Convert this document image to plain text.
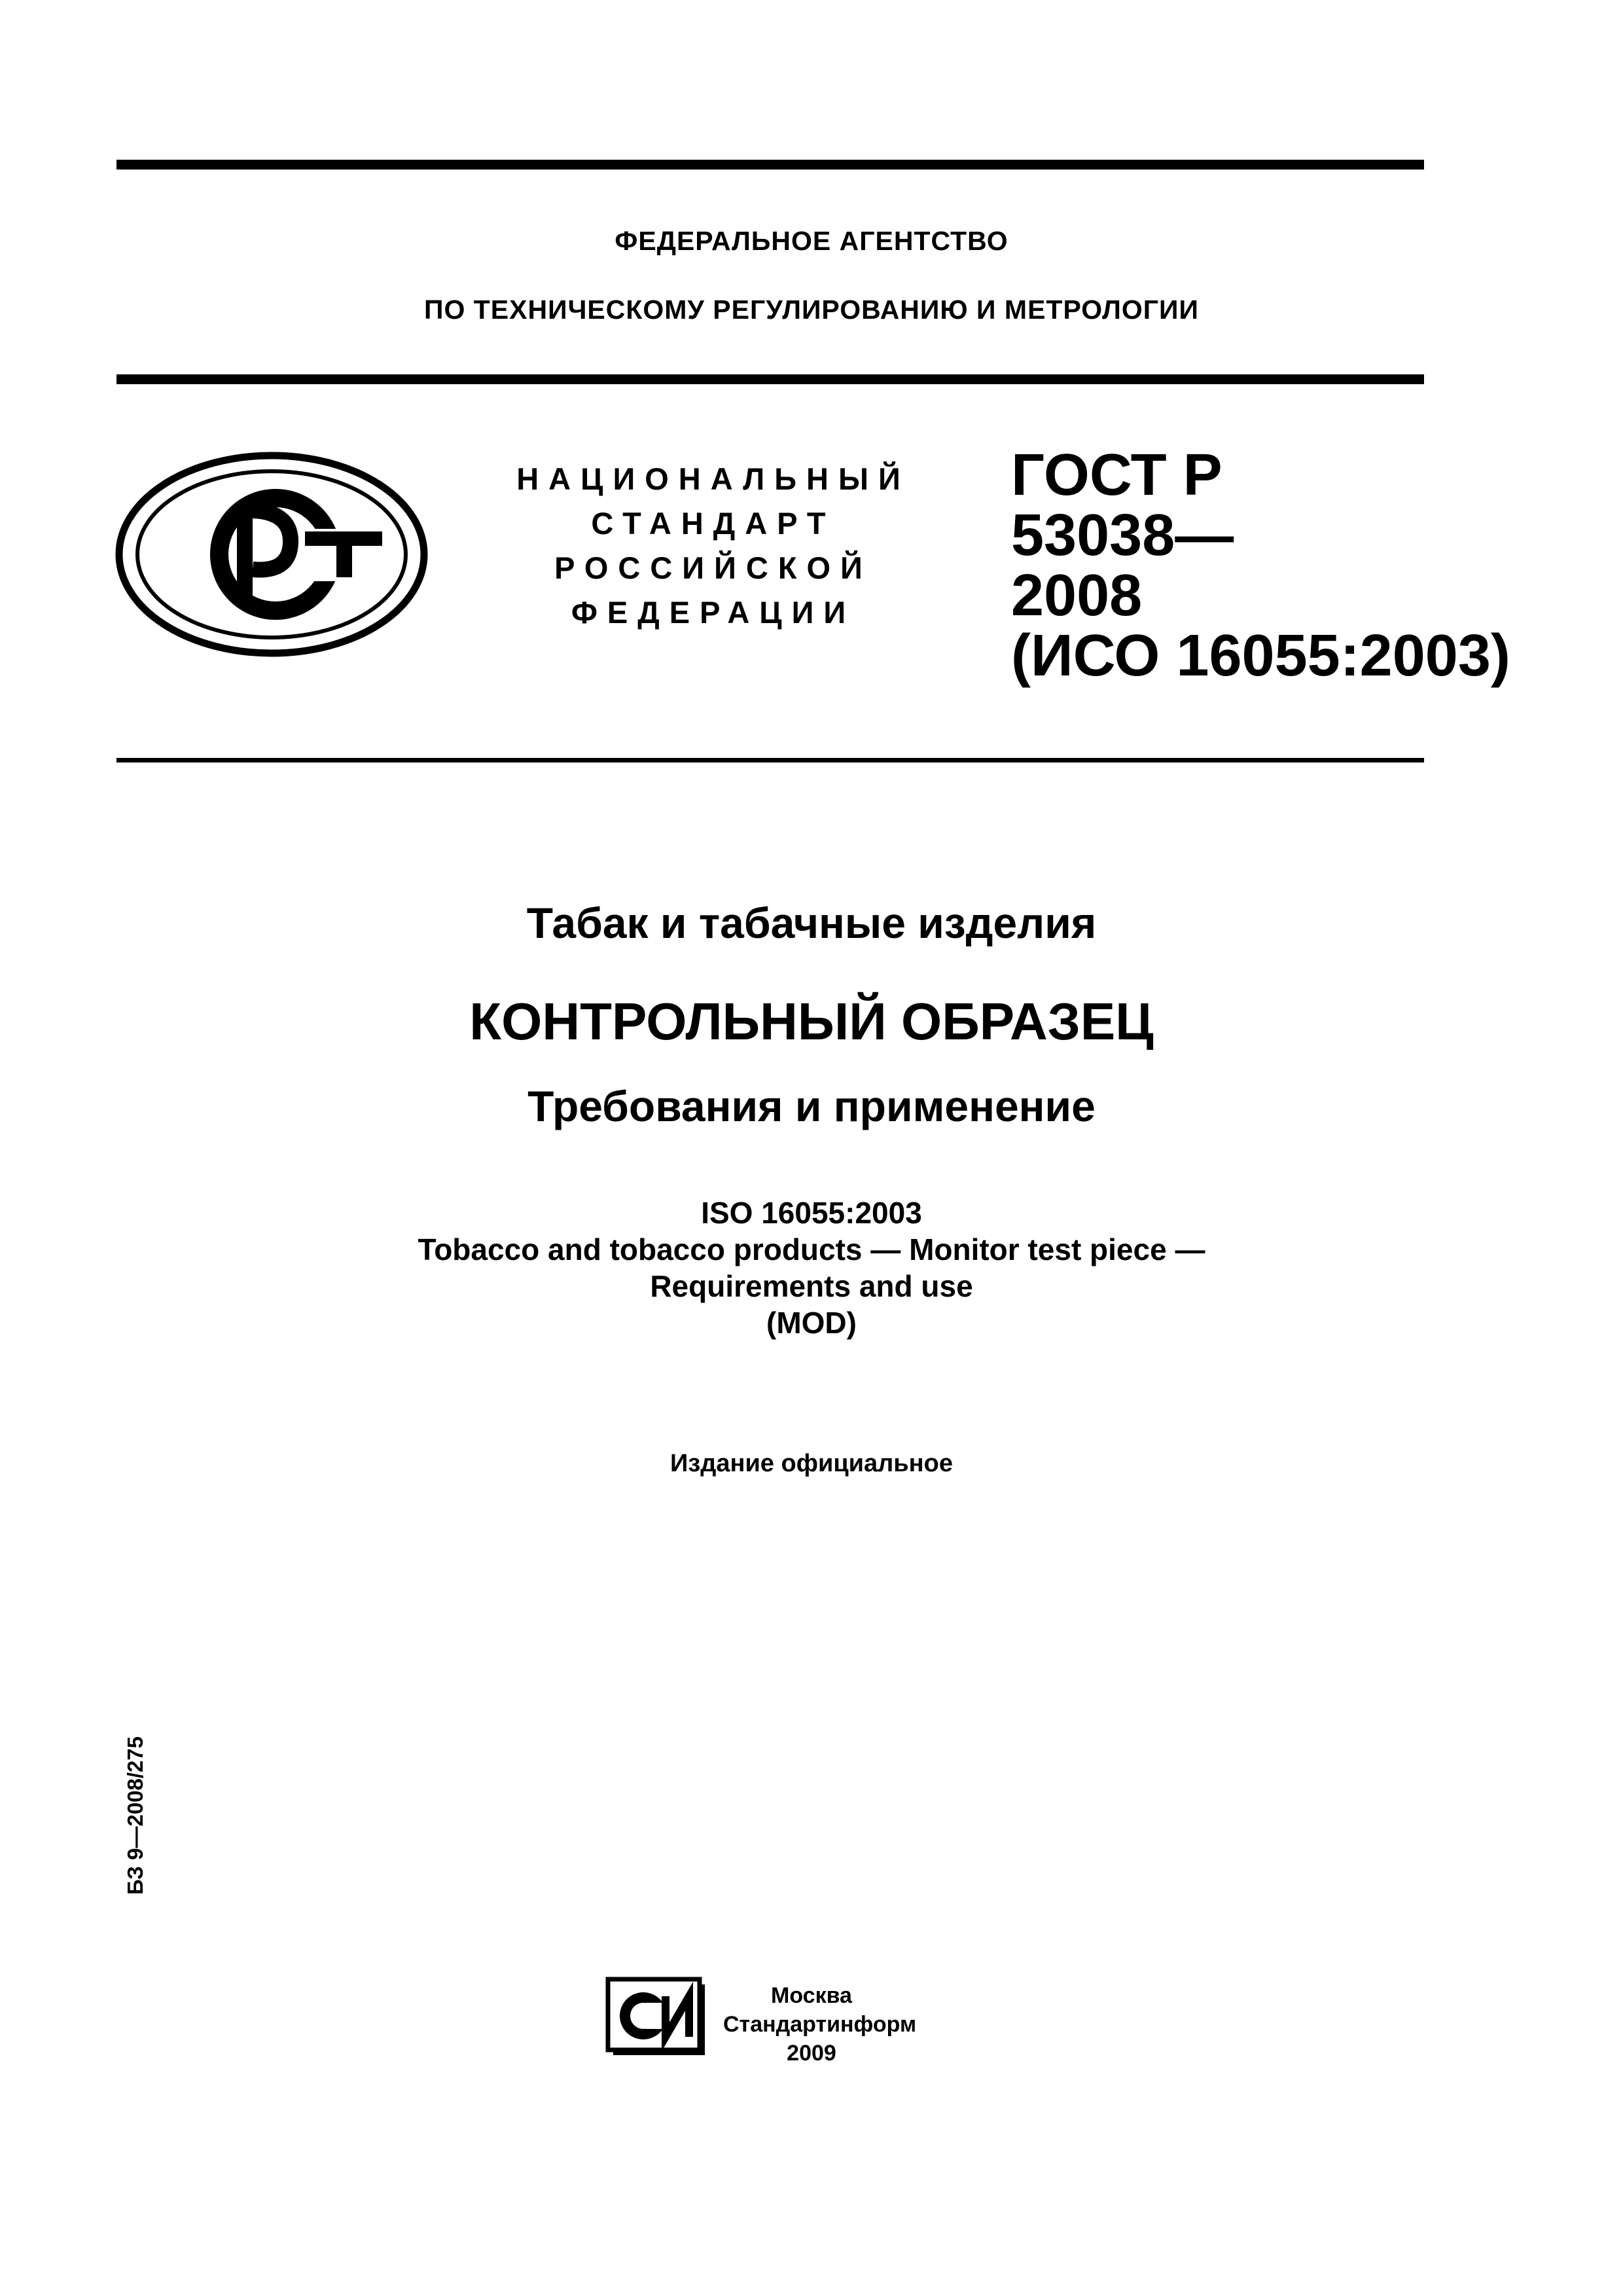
ФЕДЕРАЛЬНОЕ АГЕНТСТВО
ПО ТЕХНИЧЕСКОМУ РЕГУЛИРОВАНИЮ И МЕТРОЛОГИИ
НАЦИОНАЛЬНЫЙ
СТАНДАРТ
РОССИЙСКОЙ
ФЕДЕРАЦИИ
ГОСТ Р
53038—
2008
(ИСО 16055:2003)
Табак и табачные изделия
КОНТРОЛЬНЫЙ ОБРАЗЕЦ
Требования и применение
ISO 16055:2003
Tobacco and tobacco products — Monitor test piece —
Requirements and use
(MOD)
Издание официальное
БЗ 9—2008/275
Москва
Стандартинформ
2009
